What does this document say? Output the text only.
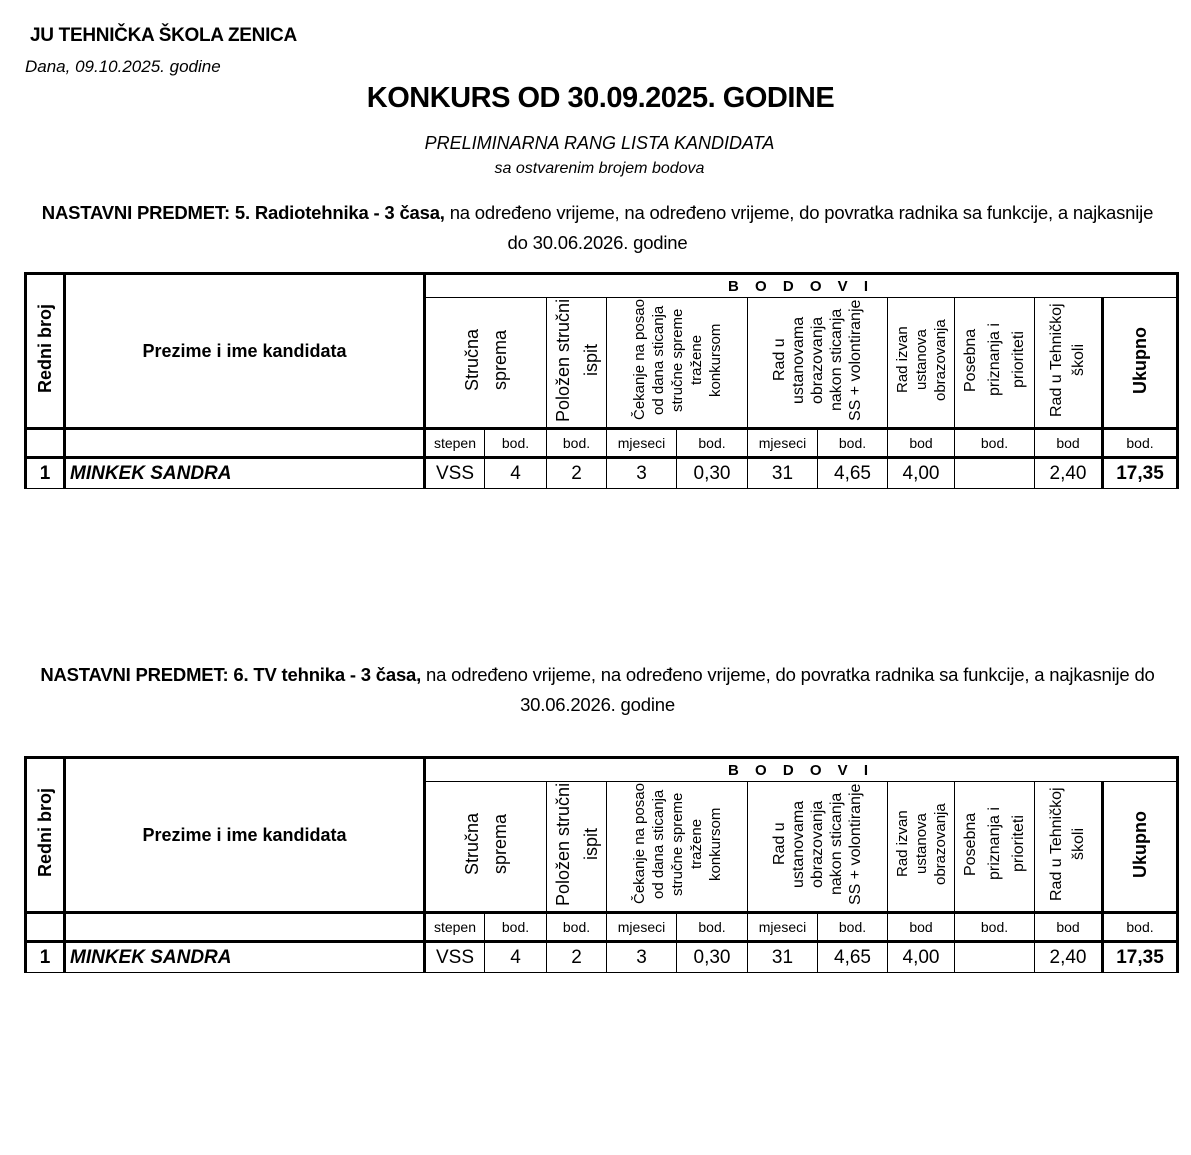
JU TEHNIČKA ŠKOLA ZENICA
Dana, 09.10.2025. godine
KONKURS OD 30.09.2025. GODINE
PRELIMINARNA RANG LISTA KANDIDATA
sa ostvarenim brojem bodova
NASTAVNI PREDMET: 5. Radiotehnika - 3 časa, na određeno vrijeme, na određeno vrijeme, do povratka radnika sa funkcije, a najkasnije do 30.06.2026. godine
NASTAVNI PREDMET: 6. TV tehnika - 3 časa, na određeno vrijeme, na određeno vrijeme, do povratka radnika sa funkcije, a najkasnije do 30.06.2026. godine
Redni broj	Prezime i ime kandidata	B O D O V I										
		Stručna sprema		Položen stručni ispit	Čekanje na posao od dana sticanja stručne spreme tražene konkursom		Rad u ustanovama obrazovanja nakon sticanja SS + volontiranje		Rad izvan ustanova obrazovanja	Posebna priznanja i prioriteti	Rad u Tehničkoj školi	Ukupno
		stepen	bod.	bod.	mjeseci	bod.	mjeseci	bod.	bod	bod.	bod	bod.
1	MINKEK SANDRA	VSS	4	2	3	0,30	31	4,65	4,00		2,40	17,35
Redni broj	Prezime i ime kandidata	B O D O V I										
		Stručna sprema		Položen stručni ispit	Čekanje na posao od dana sticanja stručne spreme tražene konkursom		Rad u ustanovama obrazovanja nakon sticanja SS + volontiranje		Rad izvan ustanova obrazovanja	Posebna priznanja i prioriteti	Rad u Tehničkoj školi	Ukupno
		stepen	bod.	bod.	mjeseci	bod.	mjeseci	bod.	bod	bod.	bod	bod.
1	MINKEK SANDRA	VSS	4	2	3	0,30	31	4,65	4,00		2,40	17,35
